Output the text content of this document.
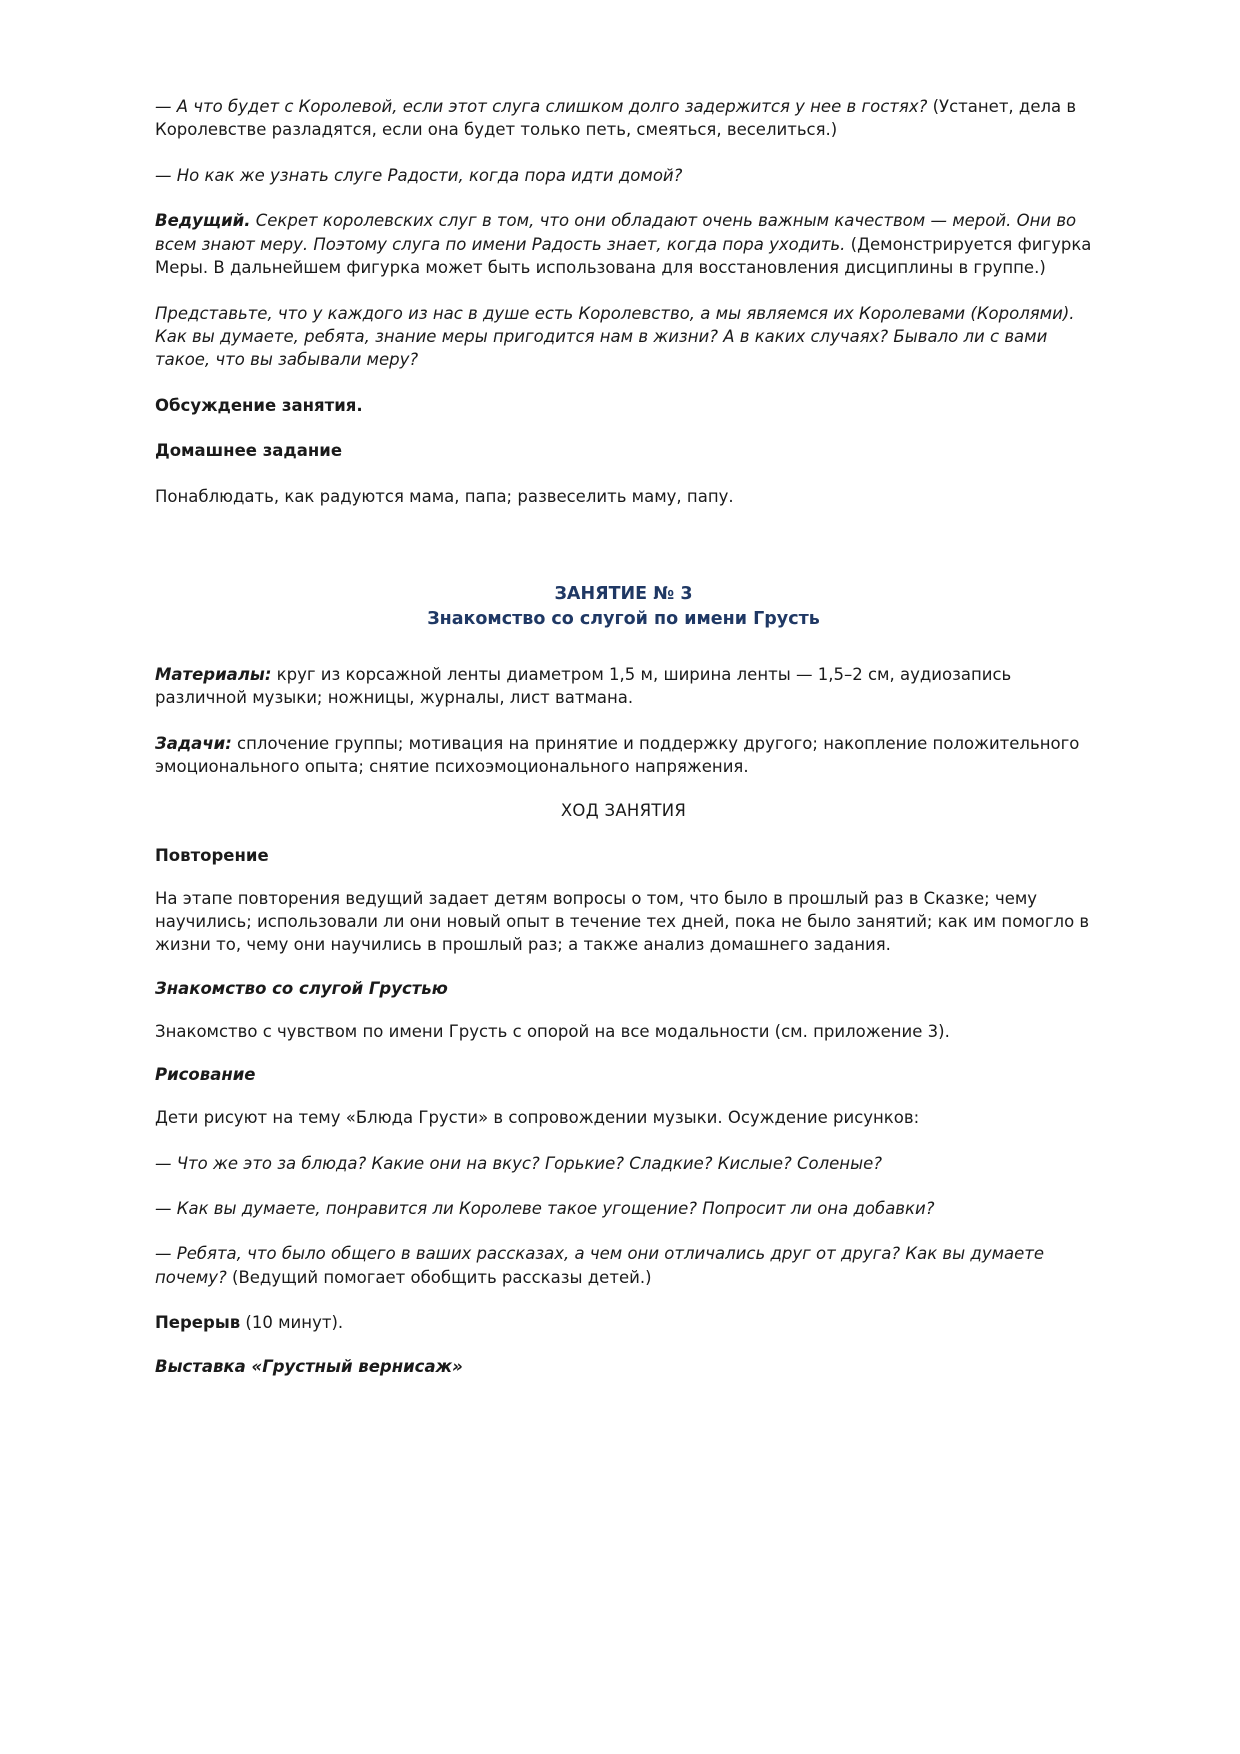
— А что будет с Королевой, если этот слуга слишком долго задержится у нее в гостях? (Устанет, дела в Королевстве разладятся, если она будет только петь, смеяться, веселиться.)

— Но как же узнать слуге Радости, когда пора идти домой?

Ведущий. Секрет королевских слуг в том, что они обладают очень важным качеством — мерой. Они во всем знают меру. Поэтому слуга по имени Радость знает, когда пора уходить. (Демонстрируется фигурка Меры. В дальнейшем фигурка может быть использована для восстановления дисциплины в группе.)

Представьте, что у каждого из нас в душе есть Королевство, а мы являемся их Королевами (Королями). Как вы думаете, ребята, знание меры пригодится нам в жизни? А в каких случаях? Бывало ли с вами такое, что вы забывали меру?

Обсуждение занятия.

Домашнее задание

Понаблюдать, как радуются мама, папа; развеселить маму, папу.

ЗАНЯТИЕ № 3
Знакомство со слугой по имени Грусть

Материалы: круг из корсажной ленты диаметром 1,5 м, ширина ленты — 1,5–2 см, аудиозапись различной музыки; ножницы, журналы, лист ватмана.

Задачи: сплочение группы; мотивация на принятие и поддержку другого; накопление положительного эмоционального опыта; снятие психоэмоционального напряжения.

ХОД ЗАНЯТИЯ

Повторение

На этапе повторения ведущий задает детям вопросы о том, что было в прошлый раз в Сказке; чему научились; использовали ли они новый опыт в течение тех дней, пока не было занятий; как им помогло в жизни то, чему они научились в прошлый раз; а также анализ домашнего задания.

Знакомство со слугой Грустью

Знакомство с чувством по имени Грусть с опорой на все модальности (см. приложение 3).

Рисование

Дети рисуют на тему «Блюда Грусти» в сопровождении музыки. Осуждение рисунков:

— Что же это за блюда? Какие они на вкус? Горькие? Сладкие? Кислые? Соленые?

— Как вы думаете, понравится ли Королеве такое угощение? Попросит ли она добавки?

— Ребята, что было общего в ваших рассказах, а чем они отличались друг от друга? Как вы думаете почему? (Ведущий помогает обобщить рассказы детей.)

Перерыв (10 минут).

Выставка «Грустный вернисаж»
